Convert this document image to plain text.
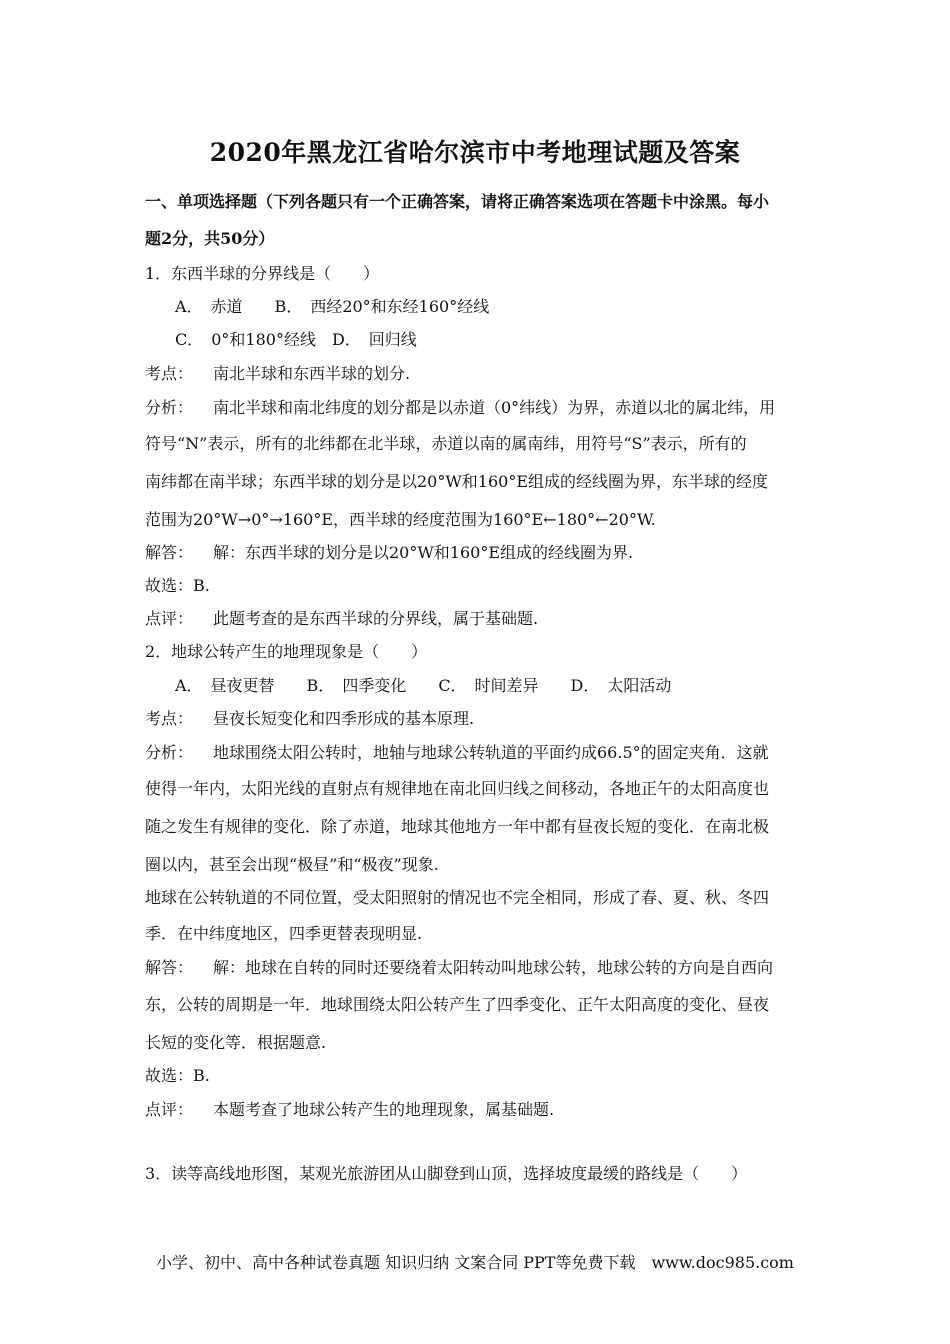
2020年黑龙江省哈尔滨市中考地理试题及答案
一、单项选择题（下列各题只有一个正确答案，请将正确答案选项在答题卡中涂黑。每小
题2分，共50分）
1．东西半球的分界线是（　　）
A．　赤道　　B．　西经20°和东经160°经线
C．　0°和180°经线　D．　回归线
考点： 南北半球和东西半球的划分.
分析： 南北半球和南北纬度的划分都是以赤道（0°纬线）为界，赤道以北的属北纬，用
符号“N”表示，所有的北纬都在北半球，赤道以南的属南纬，用符号“S”表示，所有的
南纬都在南半球；东西半球的划分是以20°W和160°E组成的经线圈为界，东半球的经度
范围为20°W→0°→160°E，西半球的经度范围为160°E←180°←20°W.
解答： 解：东西半球的划分是以20°W和160°E组成的经线圈为界.
故选：B.
点评： 此题考查的是东西半球的分界线，属于基础题.
2．地球公转产生的地理现象是（　　）
A．　昼夜更替　　B．　四季变化　　C．　时间差异　　D．　太阳活动
考点： 昼夜长短变化和四季形成的基本原理.
分析： 地球围绕太阳公转时，地轴与地球公转轨道的平面约成66.5°的固定夹角．这就
使得一年内，太阳光线的直射点有规律地在南北回归线之间移动，各地正午的太阳高度也
随之发生有规律的变化．除了赤道，地球其他地方一年中都有昼夜长短的变化．在南北极
圈以内，甚至会出现“极昼”和“极夜”现象.
地球在公转轨道的不同位置，受太阳照射的情况也不完全相同，形成了春、夏、秋、冬四
季．在中纬度地区，四季更替表现明显.
解答： 解：地球在自转的同时还要绕着太阳转动叫地球公转，地球公转的方向是自西向
东，公转的周期是一年．地球围绕太阳公转产生了四季变化、正午太阳高度的变化、昼夜
长短的变化等．根据题意.
故选：B.
点评： 本题考查了地球公转产生的地理现象，属基础题.
3．读等高线地形图，某观光旅游团从山脚登到山顶，选择坡度最缓的路线是（　　）
小学、初中、高中各种试卷真题 知识归纳 文案合同 PPT等免费下载　www.doc985.com
